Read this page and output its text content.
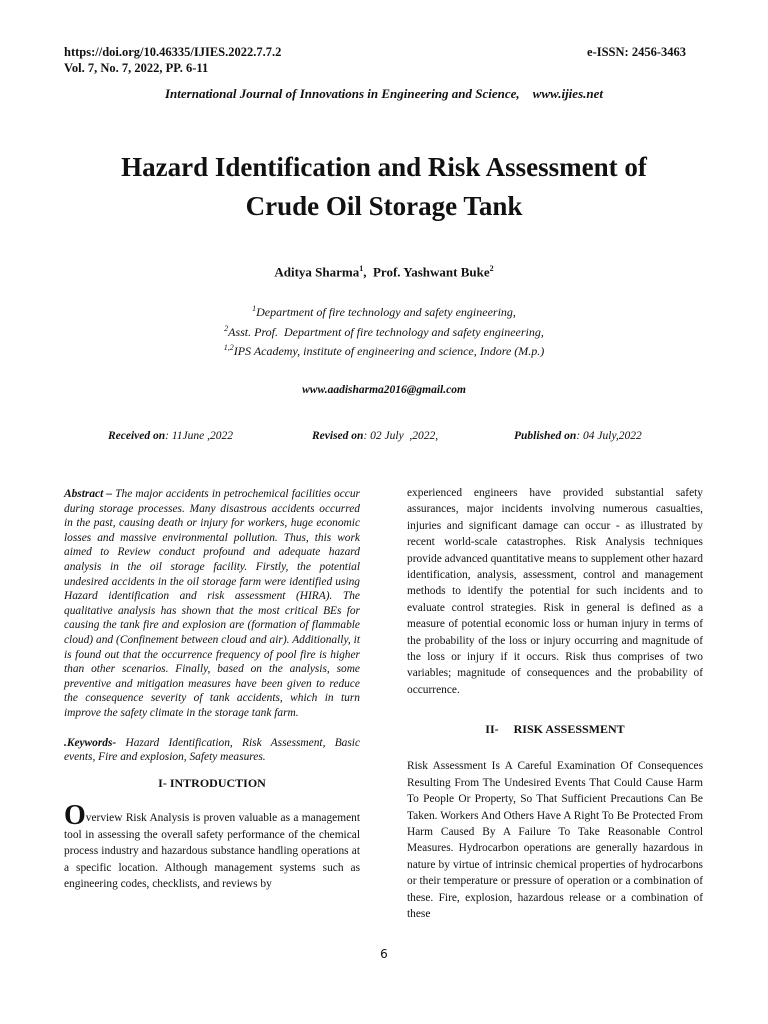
https://doi.org/10.46335/IJIES.2022.7.7.2
Vol. 7, No. 7, 2022, PP. 6-11
e-ISSN: 2456-3463
International Journal of Innovations in Engineering and Science,    www.ijies.net
Hazard Identification and Risk Assessment of
Crude Oil Storage Tank
Aditya Sharma$^1$,  Prof. Yashwant Buke$^2$
$^1$Department of fire technology and safety engineering,
$^2$Asst. Prof.  Department of fire technology and safety engineering,
$^{1,2}$IPS Academy, institute of engineering and science, Indore (M.p.)
www.aadisharma2016@gmail.com
Received on: 11June ,2022	Revised on: 02 July  ,2022,	Published on: 04 July,2022

Abstract – The major accidents in petrochemical facilities occur during storage processes. Many disastrous accidents occurred in the past, causing death or injury for workers, huge economic losses and massive environmental pollution. Thus, this work aimed to Review conduct profound and adequate hazard analysis in the oil storage facility. Firstly, the potential undesired accidents in the oil storage farm were identified using Hazard identification and risk assessment (HIRA). The qualitative analysis has shown that the most critical BEs for causing the tank fire and explosion are (formation of flammable cloud) and (Confinement between cloud and air). Additionally, it is found out that the occurrence frequency of pool fire is higher than other scenarios. Finally, based on the analysis, some preventive and mitigation measures have been given to reduce the consequence severity of tank accidents, which in turn improve the safety climate in the storage tank farm.

.Keywords- Hazard Identification, Risk Assessment, Basic events, Fire and explosion, Safety measures.

I- INTRODUCTION

Overview Risk Analysis is proven valuable as a management tool in assessing the overall safety performance of the chemical process industry and hazardous substance handling operations at a specific location. Although management systems such as engineering codes, checklists, and reviews by

experienced engineers have provided substantial safety assurances, major incidents involving numerous casualties, injuries and significant damage can occur - as illustrated by recent world-scale catastrophes. Risk Analysis techniques provide advanced quantitative means to supplement other hazard identification, analysis, assessment, control and management methods to identify the potential for such incidents and to evaluate control strategies. Risk in general is defined as a measure of potential economic loss or human injury in terms of the probability of the loss or injury occurring and magnitude of the loss or injury if it occurs. Risk thus comprises of two variables; magnitude of consequences and the probability of occurrence.

II-     RISK ASSESSMENT

Risk Assessment Is A Careful Examination Of Consequences Resulting From The Undesired Events That Could Cause Harm To People Or Property, So That Sufficient Precautions Can Be Taken. Workers And Others Have A Right To Be Protected From Harm Caused By A Failure To Take Reasonable Control Measures. Hydrocarbon operations are generally hazardous in nature by virtue of intrinsic chemical properties of hydrocarbons or their temperature or pressure of operation or a combination of these. Fire, explosion, hazardous release or a combination of these

6
